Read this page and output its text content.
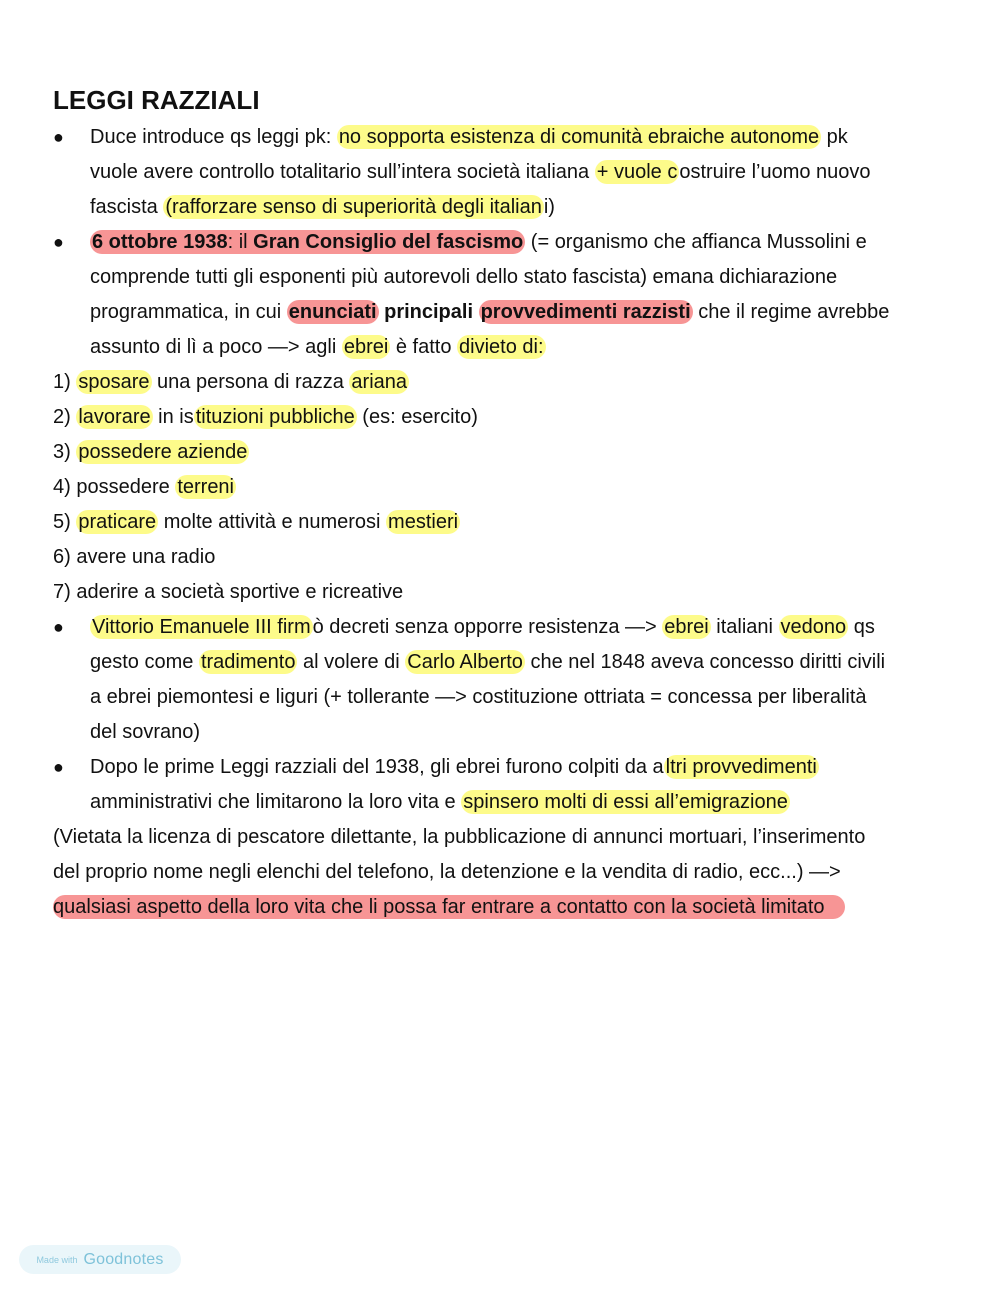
LEGGI RAZZIALI
●	Duce introduce qs leggi pk: no sopporta esistenza di comunità ebraiche autonome pk
vuole avere controllo totalitario sull’intera società italiana + vuole c ostruire l’uomo nuovo
fascista (rafforzare senso di superiorità degli italian i)
●	6 ottobre 1938: il Gran Consiglio del fascismo (= organismo che affianca Mussolini e
comprende tutti gli esponenti più autorevoli dello stato fascista) emana dichiarazione
programmatica, in cui enunciati principali provvedimenti razzisti che il regime avrebbe
assunto di lì a poco —> agli ebrei è fatto divieto di:
1) sposare una persona di razza ariana
2) lavorare in is tituzioni pubbliche (es: esercito)
3) possedere aziende
4) possedere terreni
5) praticare molte attività e numerosi mestieri
6) avere una radio
7) aderire a società sportive e ricreative
●	Vittorio Emanuele III firm ò decreti senza opporre resistenza —> ebrei italiani vedono qs
gesto come tradimento al volere di Carlo Alberto che nel 1848 aveva concesso diritti civili
a ebrei piemontesi e liguri (+ tollerante —> costituzione ottriata = concessa per liberalità
del sovrano)
●	Dopo le prime Leggi razziali del 1938, gli ebrei furono colpiti da a ltri provvedimenti
amministrativi che limitarono la loro vita e spinsero molti di essi all’emigrazione
(Vietata la licenza di pescatore dilettante, la pubblicazione di annunci mortuari, l’inserimento
del proprio nome negli elenchi del telefono, la detenzione e la vendita di radio, ecc...) —>
qualsiasi aspetto della loro vita che li possa far entrare a contatto con la società limitato
Made with Goodnotes
